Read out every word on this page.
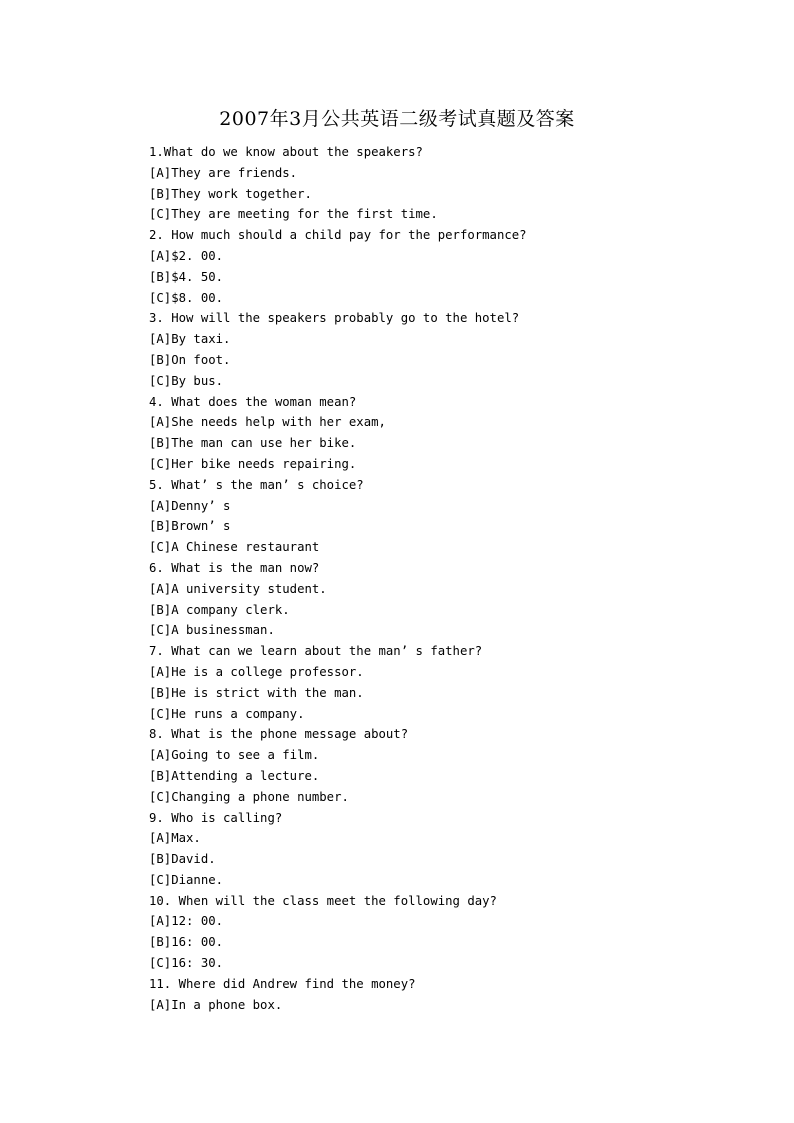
2007年3月公共英语二级考试真题及答案
1.What do we know about the speakers?
[A]They are friends.
[B]They work together.
[C]They are meeting for the first time.
2. How much should a child pay for the performance?
[A]$2. 00.
[B]$4. 50.
[C]$8. 00.
3. How will the speakers probably go to the hotel?
[A]By taxi.
[B]On foot.
[C]By bus.
4. What does the woman mean?
[A]She needs help with her exam,
[B]The man can use her bike.
[C]Her bike needs repairing.
5. What’ s the man’ s choice?
[A]Denny’ s
[B]Brown’ s
[C]A Chinese restaurant
6. What is the man now?
[A]A university student.
[B]A company clerk.
[C]A businessman.
7. What can we learn about the man’ s father?
[A]He is a college professor.
[B]He is strict with the man.
[C]He runs a company.
8. What is the phone message about?
[A]Going to see a film.
[B]Attending a lecture.
[C]Changing a phone number.
9. Who is calling?
[A]Max.
[B]David.
[C]Dianne.
10. When will the class meet the following day?
[A]12: 00.
[B]16: 00.
[C]16: 30.
11. Where did Andrew find the money?
[A]In a phone box.
